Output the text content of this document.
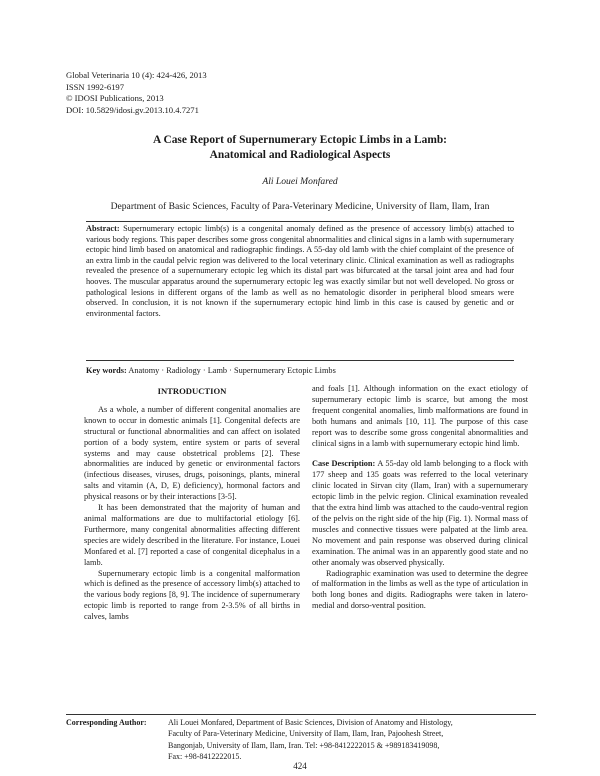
Global Veterinaria 10 (4): 424-426, 2013
ISSN 1992-6197
© IDOSI Publications, 2013
DOI: 10.5829/idosi.gv.2013.10.4.7271
A Case Report of Supernumerary Ectopic Limbs in a Lamb:
Anatomical and Radiological Aspects
Ali Louei Monfared
Department of Basic Sciences, Faculty of Para-Veterinary Medicine, University of Ilam, Ilam, Iran
Abstract: Supernumerary ectopic limb(s) is a congenital anomaly defined as the presence of accessory limb(s) attached to various body regions. This paper describes some gross congenital abnormalities and clinical signs in a lamb with supernumerary ectopic hind limb based on anatomical and radiographic findings. A 55-day old lamb with the chief complaint of the presence of an extra limb in the caudal pelvic region was delivered to the local veterinary clinic. Clinical examination as well as radiographs revealed the presence of a supernumerary ectopic leg which its distal part was bifurcated at the tarsal joint area and had four hooves. The muscular apparatus around the supernumerary ectopic leg was exactly similar but not well developed. No gross or pathological lesions in different organs of the lamb as well as no hematologic disorder in peripheral blood smears were observed. In conclusion, it is not known if the supernumerary ectopic hind limb in this case is caused by genetic and or environmental factors.
Key words: Anatomy · Radiology · Lamb · Supernumerary Ectopic Limbs
INTRODUCTION

As a whole, a number of different congenital anomalies are known to occur in domestic animals [1]. Congenital defects are structural or functional abnormalities and can affect on isolated portion of a body system, entire system or parts of several systems and may cause obstetrical problems [2]. These abnormalities are induced by genetic or environmental factors (infectious diseases, viruses, drugs, poisonings, plants, mineral salts and vitamin (A, D, E) deficiency), hormonal factors and physical reasons or by their interactions [3-5].

It has been demonstrated that the majority of human and animal malformations are due to multifactorial etiology [6]. Furthermore, many congenital abnormalities affecting different species are widely described in the literature. For instance, Louei Monfared et al. [7] reported a case of congenital dicephalus in a lamb.

Supernumerary ectopic limb is a congenital malformation which is defined as the presence of accessory limb(s) attached to the various body regions [8, 9]. The incidence of supernumerary ectopic limb is reported to range from 2-3.5% of all births in calves, lambs

and foals [1]. Although information on the exact etiology of supernumerary ectopic limb is scarce, but among the most frequent congenital anomalies, limb malformations are found in both humans and animals [10, 11]. The purpose of this case report was to describe some gross congenital abnormalities and clinical signs in a lamb with supernumerary ectopic hind limb.

Case Description: A 55-day old lamb belonging to a flock with 177 sheep and 135 goats was referred to the local veterinary clinic located in Sirvan city (Ilam, Iran) with a supernumerary ectopic limb in the pelvic region. Clinical examination revealed that the extra hind limb was attached to the caudo-ventral region of the pelvis on the right side of the hip (Fig. 1). Normal mass of muscles and connective tissues were palpated at the limb area. No movement and pain response was observed during clinical examination. The animal was in an apparently good state and no other anomaly was observed physically.

Radiographic examination was used to determine the degree of malformation in the limbs as well as the type of articulation in both long bones and digits. Radiographs were taken in latero-medial and dorso-ventral position.

Corresponding Author:	Ali Louei Monfared, Department of Basic Sciences, Division of Anatomy and Histology,
Faculty of Para-Veterinary Medicine, University of Ilam, Ilam, Iran, Pajoohesh Street,
Bangonjab, University of Ilam, Ilam, Iran. Tel: +98-8412222015 & +989183419098,
Fax: +98-8412222015.
424
